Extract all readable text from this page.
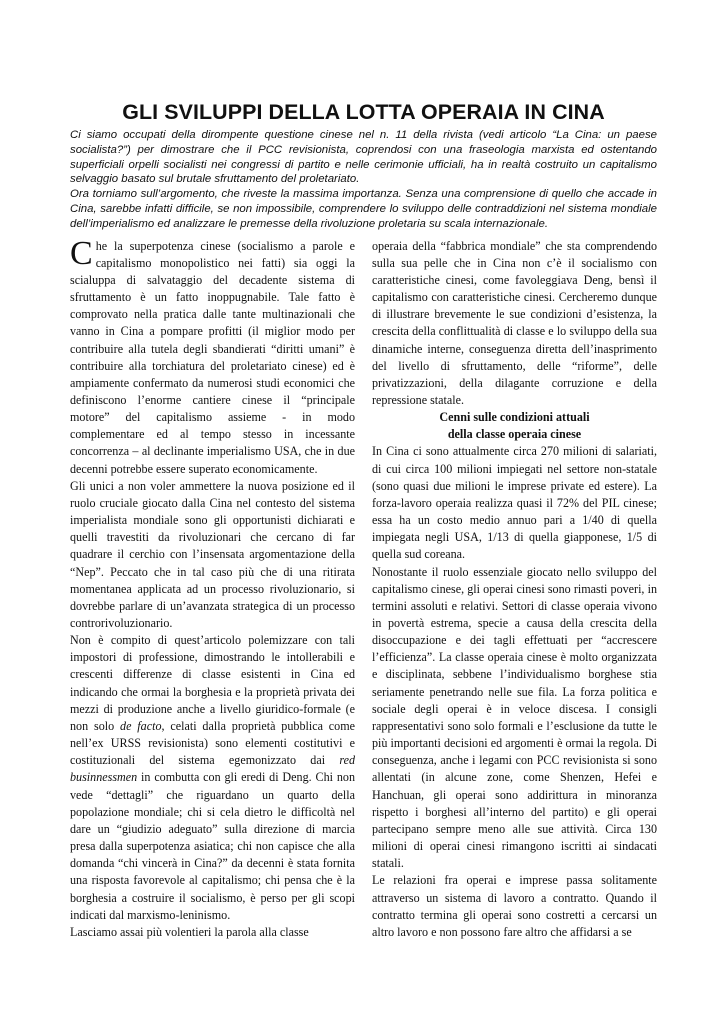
GLI SVILUPPI DELLA LOTTA OPERAIA IN CINA

Ci siamo occupati della dirompente questione cinese nel n. 11 della rivista (vedi articolo “La Cina: un paese socialista?”) per dimostrare che il PCC revisionista, coprendosi con una fraseologia marxista ed ostentando superficiali orpelli socialisti nei congressi di partito e nelle cerimonie ufficiali, ha in realtà costruito un capitalismo selvaggio basato sul brutale sfruttamento del proletariato.

Ora torniamo sull’argomento, che riveste la massima importanza. Senza una comprensione di quello che accade in Cina, sarebbe infatti difficile, se non impossibile, comprendere lo sviluppo delle contraddizioni nel sistema mondiale dell’imperialismo ed analizzare le premesse della rivoluzione proletaria su scala internazionale.

Che la superpotenza cinese (socialismo a parole e capitalismo monopolistico nei fatti) sia oggi la scialuppa di salvataggio del decadente sistema di sfruttamento è un fatto inoppugnabile. Tale fatto è comprovato nella pratica dalle tante multinazionali che vanno in Cina a pompare profitti (il miglior modo per contribuire alla tutela degli sbandierati “diritti umani” è contribuire alla torchiatura del proletariato cinese) ed è ampiamente confermato da numerosi studi economici che definiscono l’enorme cantiere cinese il “principale motore” del capitalismo assieme - in modo complementare ed al tempo stesso in incessante concorrenza – al declinante imperialismo USA, che in due decenni potrebbe essere superato economicamente.

Gli unici a non voler ammettere la nuova posizione ed il ruolo cruciale giocato dalla Cina nel contesto del sistema imperialista mondiale sono gli opportunisti dichiarati e quelli travestiti da rivoluzionari che cercano di far quadrare il cerchio con l’insensata argomentazione della “Nep”. Peccato che in tal caso più che di una ritirata momentanea applicata ad un processo rivoluzionario, si dovrebbe parlare di un’avanzata strategica di un processo controrivoluzionario.

Non è compito di quest’articolo polemizzare con tali impostori di professione, dimostrando le intollerabili e crescenti differenze di classe esistenti in Cina ed indicando che ormai la borghesia e la proprietà privata dei mezzi di produzione anche a livello giuridico-formale (e non solo de facto, celati dalla proprietà pubblica come nell’ex URSS revisionista) sono elementi costitutivi e costituzionali del sistema egemonizzato dai red businnessmen in combutta con gli eredi di Deng. Chi non vede “dettagli” che riguardano un quarto della popolazione mondiale; chi si cela dietro le difficoltà nel dare un “giudizio adeguato” sulla direzione di marcia presa dalla superpotenza asiatica; chi non capisce che alla domanda “chi vincerà in Cina?” da decenni è stata fornita una risposta favorevole al capitalismo; chi pensa che è la borghesia a costruire il socialismo, è perso per gli scopi indicati dal marxismo-leninismo.

Lasciamo assai più volentieri la parola alla classe

operaia della “fabbrica mondiale” che sta comprendendo sulla sua pelle che in Cina non c’è il socialismo con caratteristiche cinesi, come favoleggiava Deng, bensì il capitalismo con caratteristiche cinesi. Cercheremo dunque di illustrare brevemente le sue condizioni d’esistenza, la crescita della conflittualità di classe e lo sviluppo della sua dinamiche interne, conseguenza diretta dell’inasprimento del livello di sfruttamento, delle “riforme”, delle privatizzazioni, della dilagante corruzione e della repressione statale.

Cenni sulle condizioni attuali
della classe operaia cinese

In Cina ci sono attualmente circa 270 milioni di salariati, di cui circa 100 milioni impiegati nel settore non-statale (sono quasi due milioni le imprese private ed estere). La forza-lavoro operaia realizza quasi il 72% del PIL cinese; essa ha un costo medio annuo pari a 1/40 di quella impiegata negli USA, 1/13 di quella giapponese, 1/5 di quella sud coreana.

Nonostante il ruolo essenziale giocato nello sviluppo del capitalismo cinese, gli operai cinesi sono rimasti poveri, in termini assoluti e relativi. Settori di classe operaia vivono in povertà estrema, specie a causa della crescita della disoccupazione e dei tagli effettuati per “accrescere l’efficienza”. La classe operaia cinese è molto organizzata e disciplinata, sebbene l’individualismo borghese stia seriamente penetrando nelle sue fila. La forza politica e sociale degli operai è in veloce discesa. I consigli rappresentativi sono solo formali e l’esclusione da tutte le più importanti decisioni ed argomenti è ormai la regola. Di conseguenza, anche i legami con PCC revisionista si sono allentati (in alcune zone, come Shenzen, Hefei e Hanchuan, gli operai sono addirittura in minoranza rispetto i borghesi all’interno del partito) e gli operai partecipano sempre meno alle sue attività. Circa 130 milioni di operai cinesi rimangono iscritti ai sindacati statali.

Le relazioni fra operai e imprese passa solitamente attraverso un sistema di lavoro a contratto. Quando il contratto termina gli operai sono costretti a cercarsi un altro lavoro e non possono fare altro che affidarsi a se
